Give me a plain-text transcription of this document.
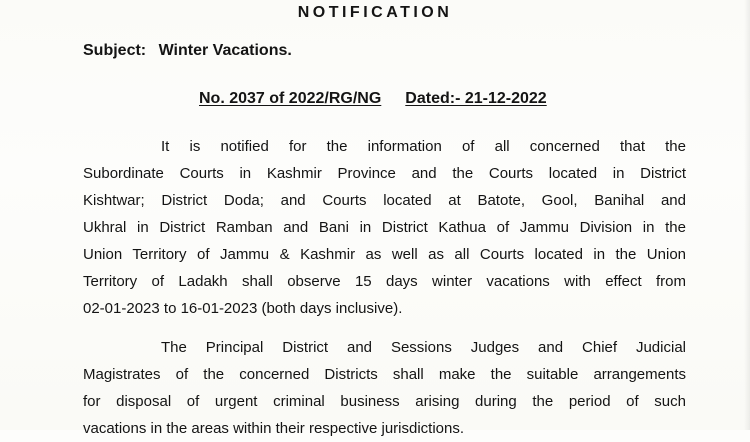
NOTIFICATION
Subject: Winter Vacations.
No. 2037 of 2022/RG/NG Dated:- 21-12-2022
It is notified for the information of all concerned that the
Subordinate Courts in Kashmir Province and the Courts located in District
Kishtwar; District Doda; and Courts located at Batote, Gool, Banihal and
Ukhral in District Ramban and Bani in District Kathua of Jammu Division in the
Union Territory of Jammu & Kashmir as well as all Courts located in the Union
Territory of Ladakh shall observe 15 days winter vacations with effect from
02-01-2023 to 16-01-2023 (both days inclusive).
The Principal District and Sessions Judges and Chief Judicial
Magistrates of the concerned Districts shall make the suitable arrangements
for disposal of urgent criminal business arising during the period of such
vacations in the areas within their respective jurisdictions.
